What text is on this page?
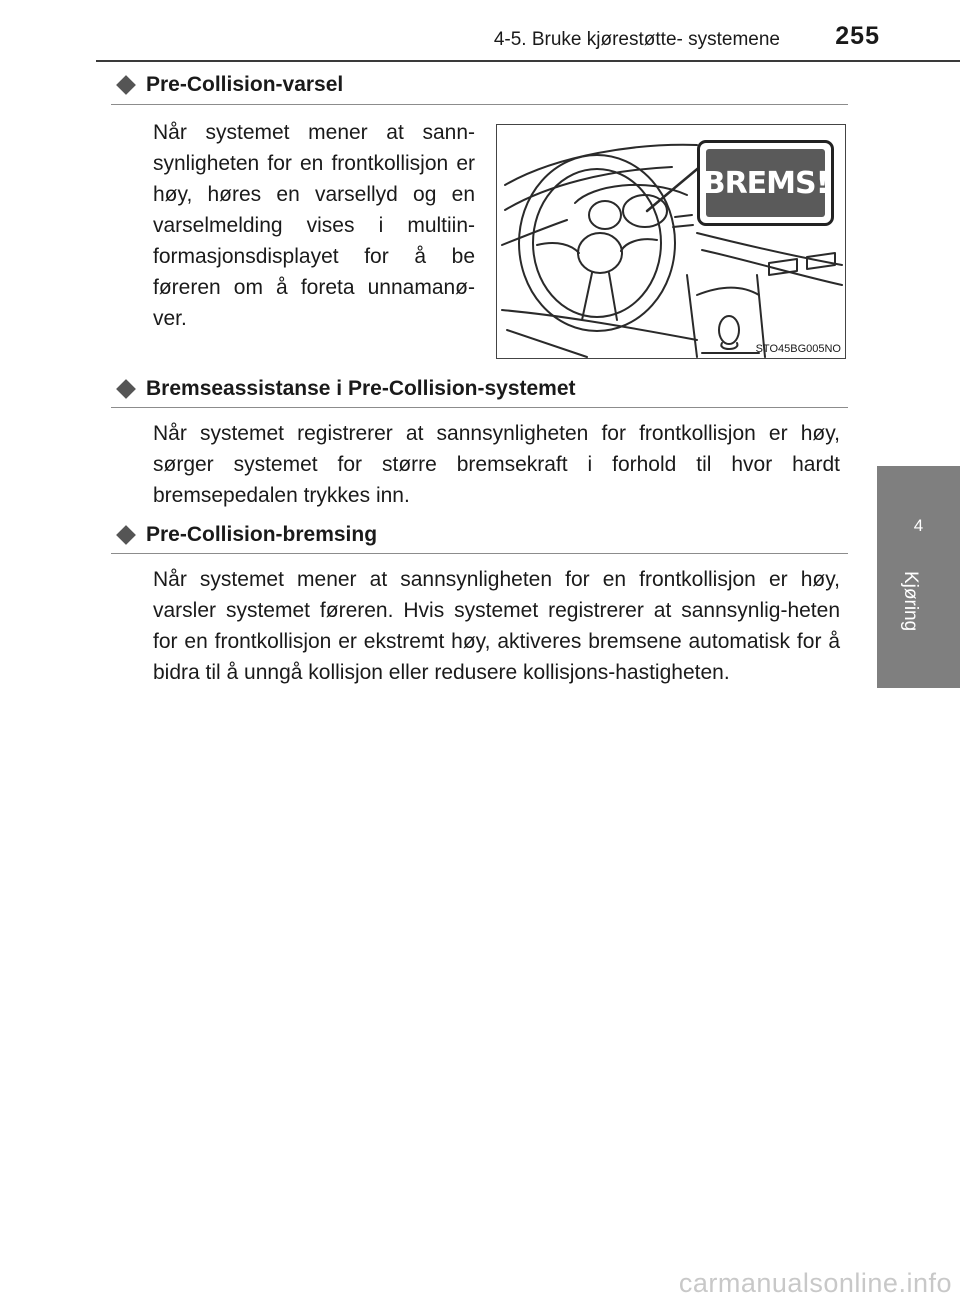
4-5. Bruke kjørestøtte- systemene 255
4
Kjøring
Pre-Collision-varsel

Når systemet mener at sann-synligheten for en frontkollisjon er høy, høres en varsellyd og en varselmelding vises i multiin-formasjonsdisplayet for å be føreren om å foreta unnamanø-ver.

BREMS!
STO45BG005NO
Bremseassistanse i Pre-Collision-systemet

Når systemet registrerer at sannsynligheten for frontkollisjon er høy, sørger systemet for større bremsekraft i forhold til hvor hardt bremsepedalen trykkes inn.

Pre-Collision-bremsing

Når systemet mener at sannsynligheten for en frontkollisjon er høy, varsler systemet føreren. Hvis systemet registrerer at sannsynlig-heten for en frontkollisjon er ekstremt høy, aktiveres bremsene automatisk for å bidra til å unngå kollisjon eller redusere kollisjons-hastigheten.

carmanualsonline.info
